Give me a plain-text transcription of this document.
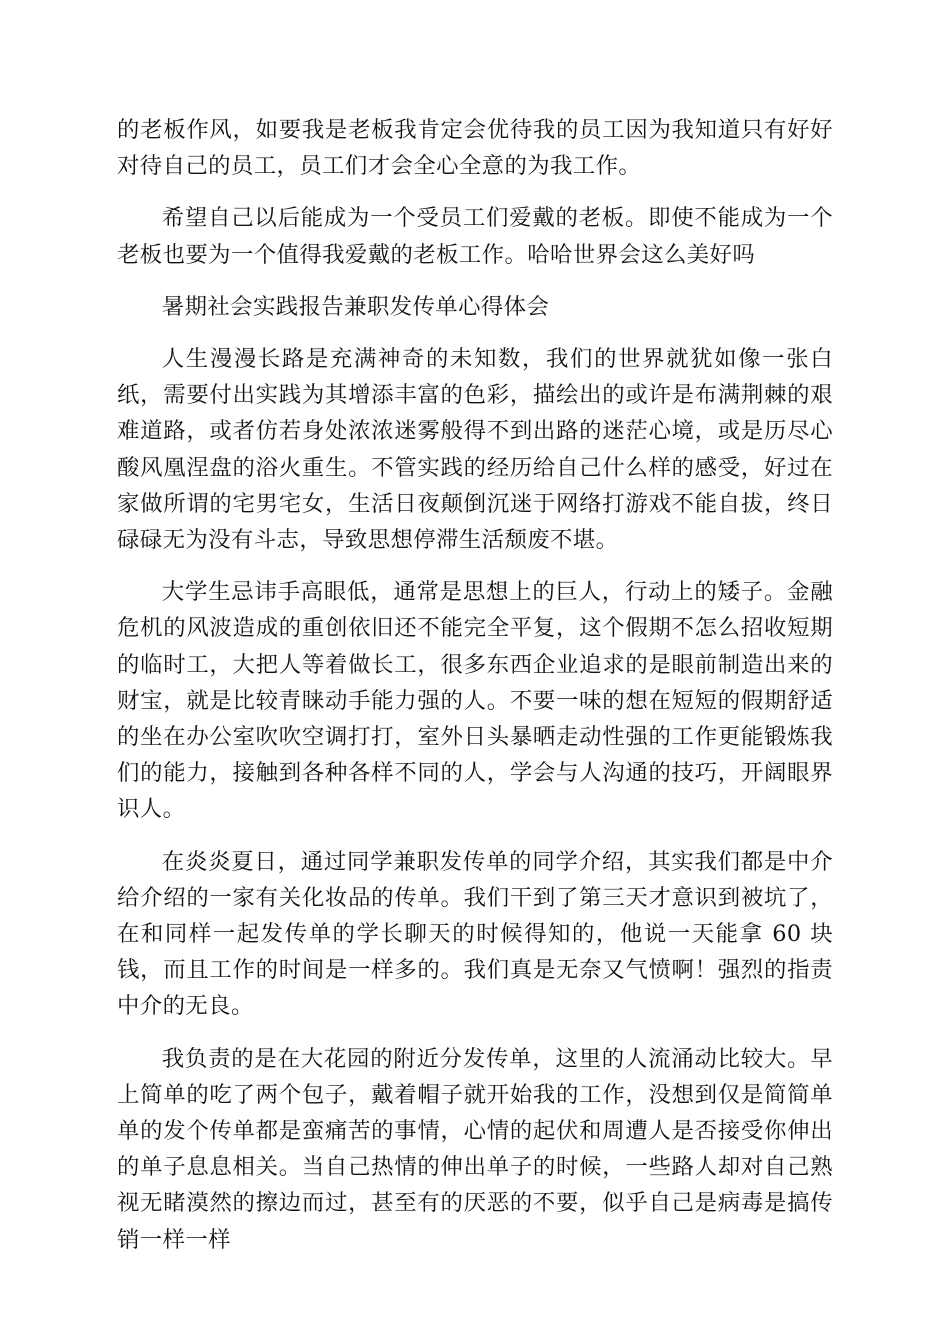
的老板作风，如要我是老板我肯定会优待我的员工因为我知道只有好好对待自己的员工，员工们才会全心全意的为我工作。

希望自己以后能成为一个受员工们爱戴的老板。即使不能成为一个老板也要为一个值得我爱戴的老板工作。哈哈世界会这么美好吗

暑期社会实践报告兼职发传单心得体会

人生漫漫长路是充满神奇的未知数，我们的世界就犹如像一张白纸，需要付出实践为其增添丰富的色彩，描绘出的或许是布满荆棘的艰难道路，或者仿若身处浓浓迷雾般得不到出路的迷茫心境，或是历尽心酸风凰涅盘的浴火重生。不管实践的经历给自己什么样的感受，好过在家做所谓的宅男宅女，生活日夜颠倒沉迷于网络打游戏不能自拔，终日碌碌无为没有斗志，导致思想停滞生活颓废不堪。

大学生忌讳手高眼低，通常是思想上的巨人，行动上的矮子。金融危机的风波造成的重创依旧还不能完全平复，这个假期不怎么招收短期的临时工，大把人等着做长工，很多东西企业追求的是眼前制造出来的财宝，就是比较青睐动手能力强的人。不要一味的想在短短的假期舒适的坐在办公室吹吹空调打打，室外日头暴晒走动性强的工作更能锻炼我们的能力，接触到各种各样不同的人，学会与人沟通的技巧，开阔眼界识人。

在炎炎夏日，通过同学兼职发传单的同学介绍，其实我们都是中介给介绍的一家有关化妆品的传单。我们干到了第三天才意识到被坑了，在和同样一起发传单的学长聊天的时候得知的，他说一天能拿 60 块钱，而且工作的时间是一样多的。我们真是无奈又气愤啊！强烈的指责中介的无良。

我负责的是在大花园的附近分发传单，这里的人流涌动比较大。早上简单的吃了两个包子，戴着帽子就开始我的工作，没想到仅是简简单单的发个传单都是蛮痛苦的事情，心情的起伏和周遭人是否接受你伸出的单子息息相关。当自己热情的伸出单子的时候，一些路人却对自己熟视无睹漠然的擦边而过，甚至有的厌恶的不要，似乎自己是病毒是搞传销一样一样
